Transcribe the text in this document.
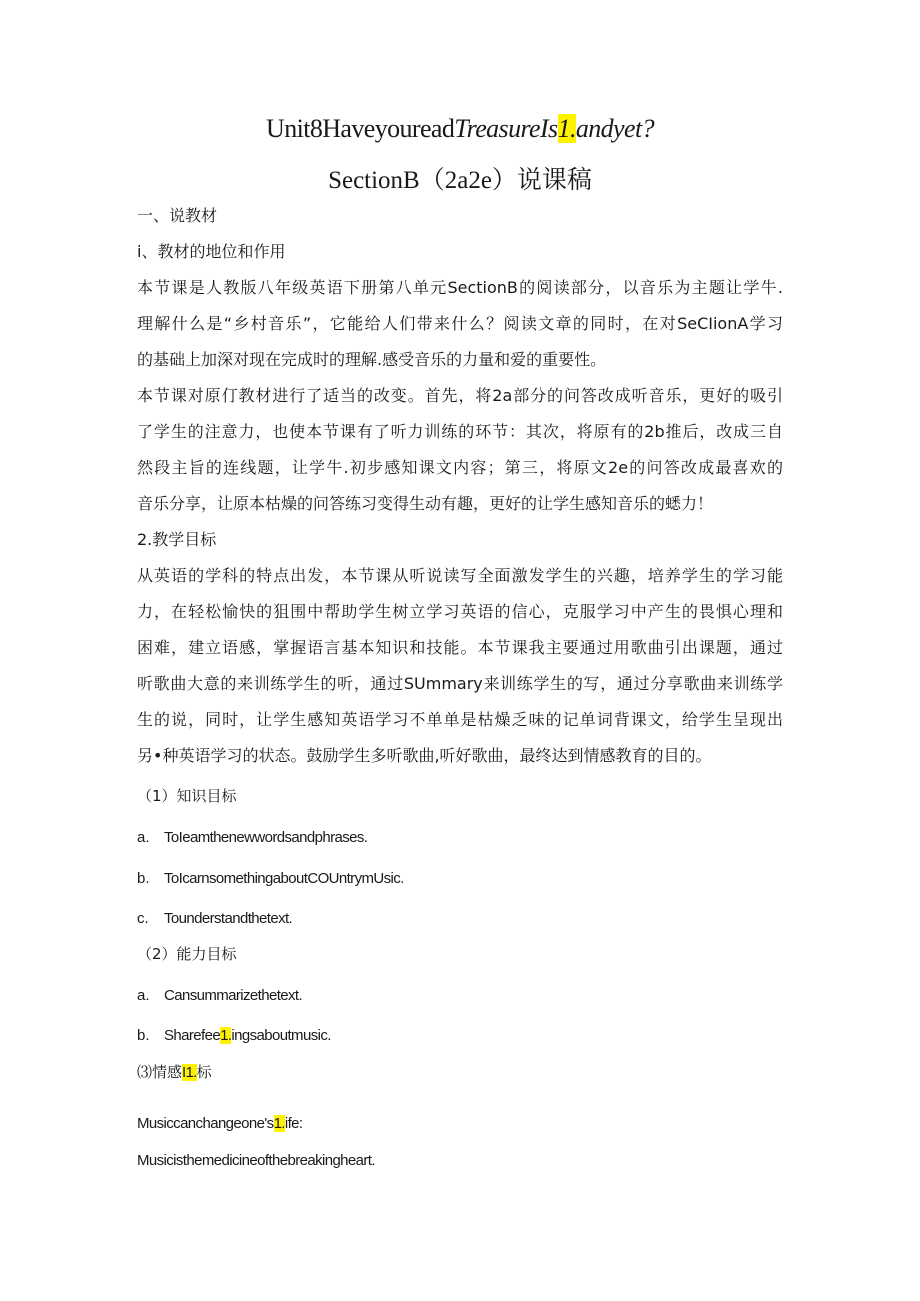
Unit8HaveyoureadTreasureIs1.andyet?
SectionB（2a2e）说课稿
一、说教材
i、教材的地位和作用
本节课是人教版八年级英语下册第八单元SectionB的阅读部分，以音乐为主题让学牛.
理解什么是“乡村音乐”，它能给人们带来什么？阅读文章的同时，在对SeCIionA学习
的基础上加深对现在完成时的理解.感受音乐的力量和爱的重要性。
本节课对原仃教材进行了适当的改变。首先，将2a部分的问答改成听音乐，更好的吸引
了学生的注意力，也使本节课有了听力训练的环节：其次，将原有的2b推后，改成三自
然段主旨的连线题，让学牛.初步感知课文内容；第三，将原文2e的问答改成最喜欢的
音乐分享，让原本枯燥的问答练习变得生动有趣，更好的让学生感知音乐的蟋力！
2.教学目标
从英语的学科的特点出发，本节课从听说读写全面激发学生的兴趣，培养学生的学习能
力，在轻松愉快的狙围中帮助学生树立学习英语的信心，克服学习中产生的畏惧心理和
困难，建立语感，掌握语言基本知识和技能。本节课我主要通过用歌曲引出课题，通过
听歌曲大意的来训练学生的听，通过SUmmary来训练学生的写，通过分享歌曲来训练学
生的说，同时，让学生感知英语学习不单单是枯燥乏味的记单词背课文，给学生呈现出
另•种英语学习的状态。鼓励学生多听歌曲,听好歌曲，最终达到情感教育的目的。
（1）知识目标
a. ToIeamthenewwordsandphrases.
b. ToIcarnsomethingaboutCOUntrymUsic.
c. Tounderstandthetext.
（2）能力目标
a. Cansummarizethetext.
b. Sharefee1.ingsaboutmusic.
⑶情感I1.标
Musiccanchangeone's1.ife:
Musicisthemedicineofthebreakingheart.
